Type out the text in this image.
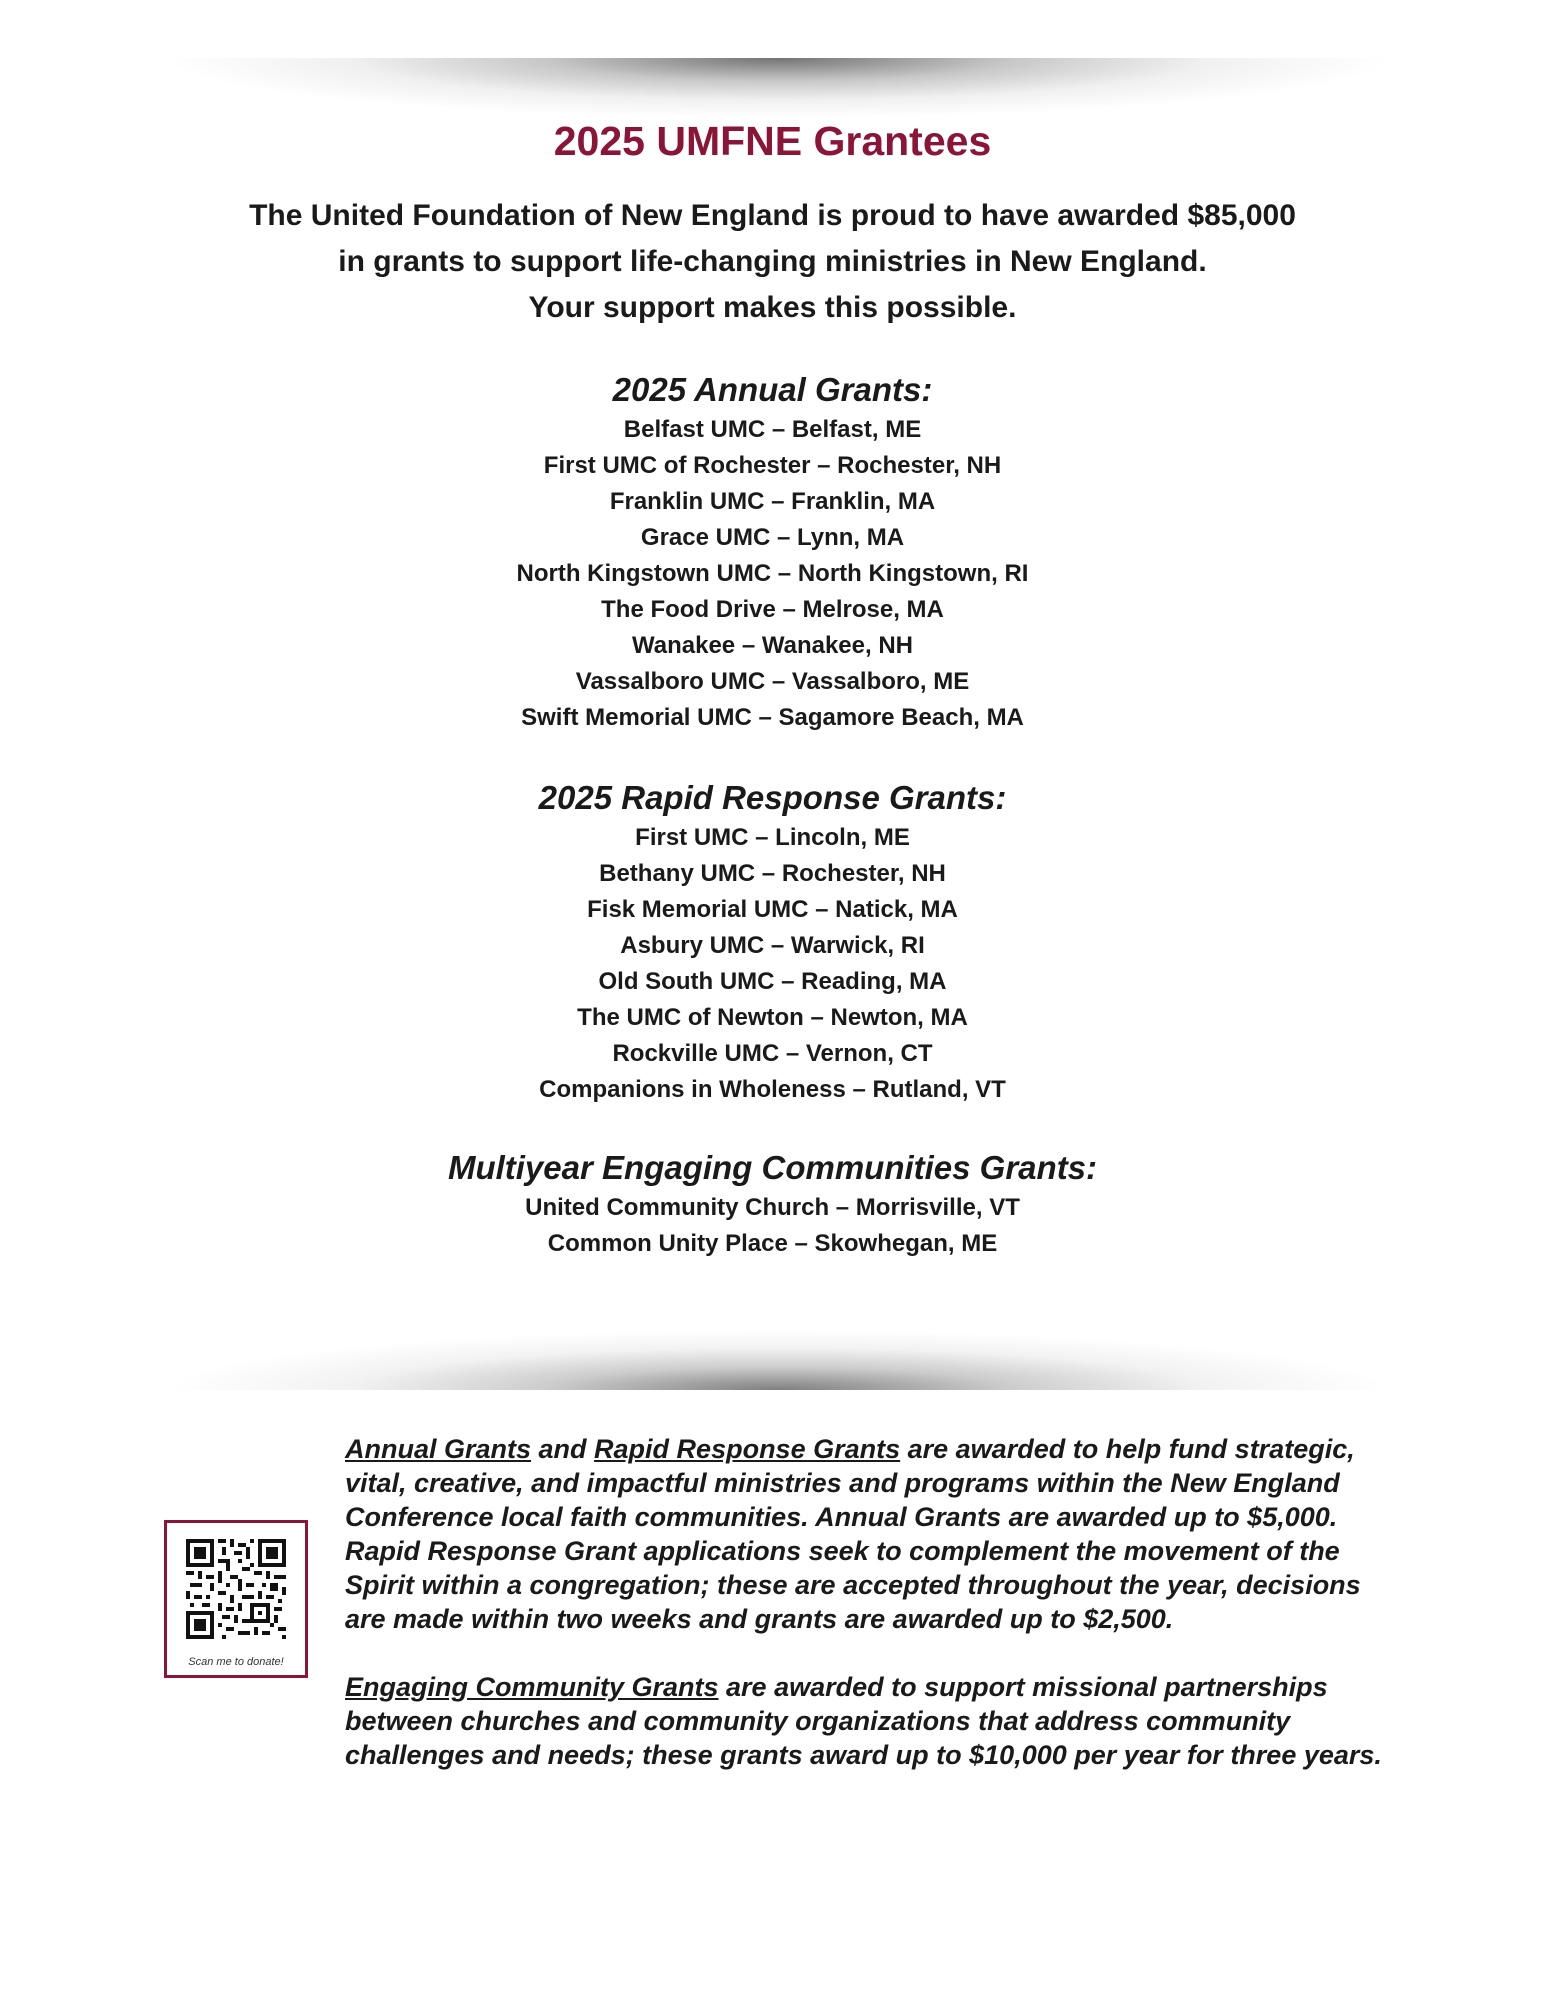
2025 UMFNE Grantees
The United Foundation of New England is proud to have awarded $85,000
in grants to support life-changing ministries in New England.
Your support makes this possible.
2025 Annual Grants:
Belfast UMC – Belfast, ME
First UMC of Rochester – Rochester, NH
Franklin UMC – Franklin, MA
Grace UMC – Lynn, MA
North Kingstown UMC – North Kingstown, RI
The Food Drive – Melrose, MA
Wanakee – Wanakee, NH
Vassalboro UMC – Vassalboro, ME
Swift Memorial UMC – Sagamore Beach, MA
2025 Rapid Response Grants:
First UMC – Lincoln, ME
Bethany UMC – Rochester, NH
Fisk Memorial UMC – Natick, MA
Asbury UMC – Warwick, RI
Old South UMC – Reading, MA
The UMC of Newton – Newton, MA
Rockville UMC – Vernon, CT
Companions in Wholeness – Rutland, VT
Multiyear Engaging Communities Grants:
United Community Church – Morrisville, VT
Common Unity Place – Skowhegan, ME
Scan me to donate!

Annual Grants and Rapid Response Grants are awarded to help fund strategic, vital, creative, and impactful ministries and programs within the New England Conference local faith communities. Annual Grants are awarded up to $5,000. Rapid Response Grant applications seek to complement the movement of the Spirit within a congregation; these are accepted throughout the year, decisions are made within two weeks and grants are awarded up to $2,500.

Engaging Community Grants are awarded to support missional partnerships between churches and community organizations that address community challenges and needs; these grants award up to $10,000 per year for three years.
